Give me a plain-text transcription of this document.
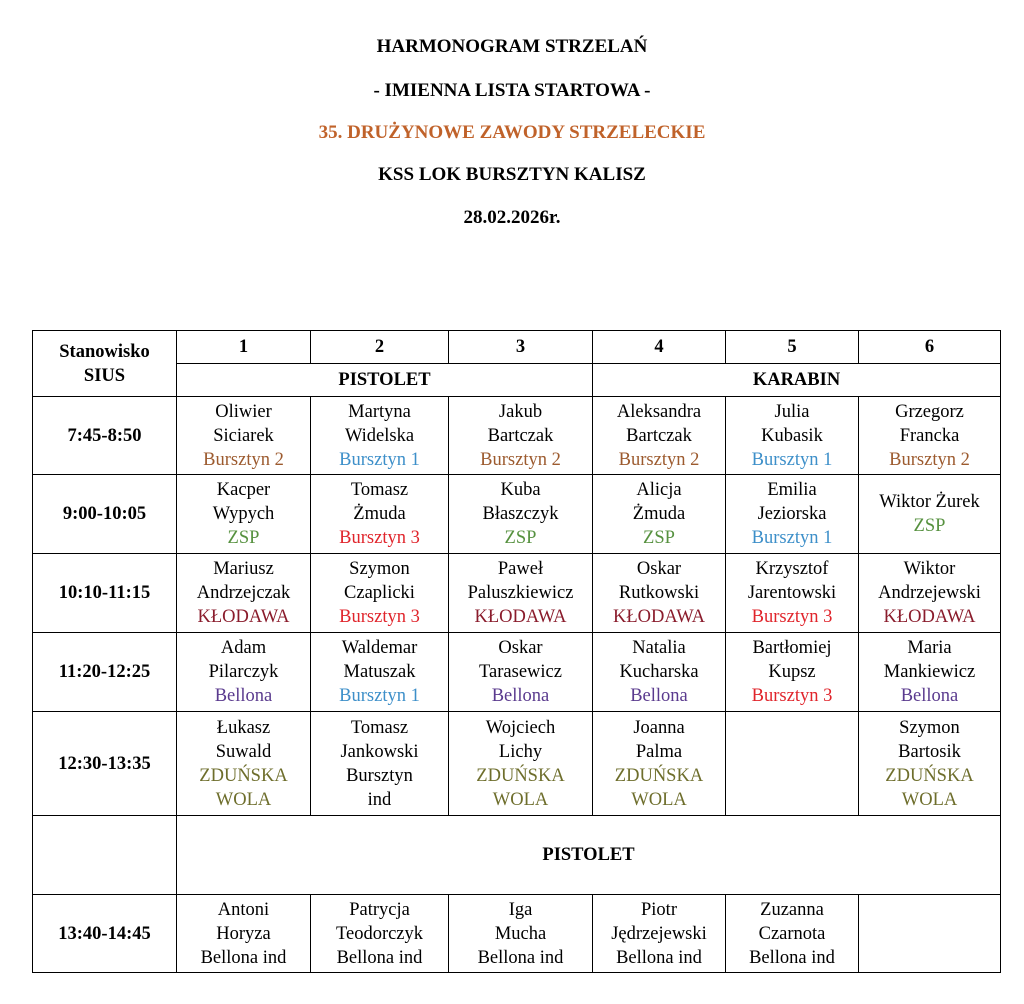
HARMONOGRAM STRZELAŃ
- IMIENNA LISTA STARTOWA -
35. DRUŻYNOWE ZAWODY STRZELECKIE
KSS LOK BURSZTYN KALISZ
28.02.2026r.
Stanowisko
SIUS	1	2	3	4	5	6
	PISTOLET			KARABIN		
7:45-8:50	Oliwier
Siciarek
Bursztyn 2	Martyna
Widelska
Bursztyn 1	Jakub
Bartczak
Bursztyn 2	Aleksandra
Bartczak
Bursztyn 2	Julia
Kubasik
Bursztyn 1	Grzegorz
Francka
Bursztyn 2

9:00-10:05	Kacper
Wypych
ZSP	Tomasz
Żmuda
Bursztyn 3	Kuba
Błaszczyk
ZSP	Alicja
Żmuda
ZSP	Emilia
Jeziorska
Bursztyn 1	Wiktor Żurek
ZSP

10:10-11:15	Mariusz
Andrzejczak
KŁODAWA	Szymon
Czaplicki
Bursztyn 3	Paweł
Paluszkiewicz
KŁODAWA	Oskar
Rutkowski
KŁODAWA	Krzysztof
Jarentowski
Bursztyn 3	Wiktor
Andrzejewski
KŁODAWA

11:20-12:25	Adam
Pilarczyk
Bellona	Waldemar
Matuszak
Bursztyn 1	Oskar
Tarasewicz
Bellona	Natalia
Kucharska
Bellona	Bartłomiej
Kupsz
Bursztyn 3	Maria
Mankiewicz
Bellona

12:30-13:35	Łukasz
Suwald
ZDUŃSKA
WOLA	Tomasz
Jankowski
Bursztyn
ind	Wojciech
Lichy
ZDUŃSKA
WOLA	Joanna
Palma
ZDUŃSKA
WOLA		Szymon
Bartosik
ZDUŃSKA
WOLA

	PISTOLET					
13:40-14:45	Antoni
Horyza
Bellona ind	Patrycja
Teodorczyk
Bellona ind	Iga
Mucha
Bellona ind	Piotr
Jędrzejewski
Bellona ind	Zuzanna
Czarnota
Bellona ind	
